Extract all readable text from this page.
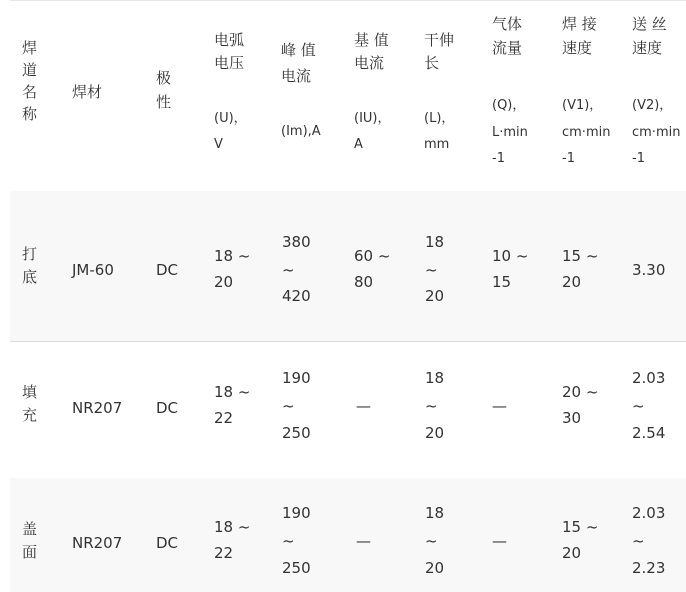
焊
道
名
称
焊材
极
性
电弧
电压
(U)，
V
峰 值
电流
(Im),A
基 值
电流
(IU)，
A
干伸
长
(L)，
mm
气体
流量
(Q)，
L·min
-1
焊 接
速度
(V1)，
cm·min
-1
送 丝
速度
(V2)，
cm·min
-1
打
底 JM-60	DC
18 ~
20
380
~
420
60 ~
80
18
~
20
10 ~
15
15 ~
20
3.30
填
充 NR207 DC
18 ~
22
190
~
250
—
18
~
20
—
20 ~
30
2.03
~
2.54
盖
面 NR207 DC
18 ~
22
190
~
250
—
18
~
20
—
15 ~
20
2.03
~
2.23
